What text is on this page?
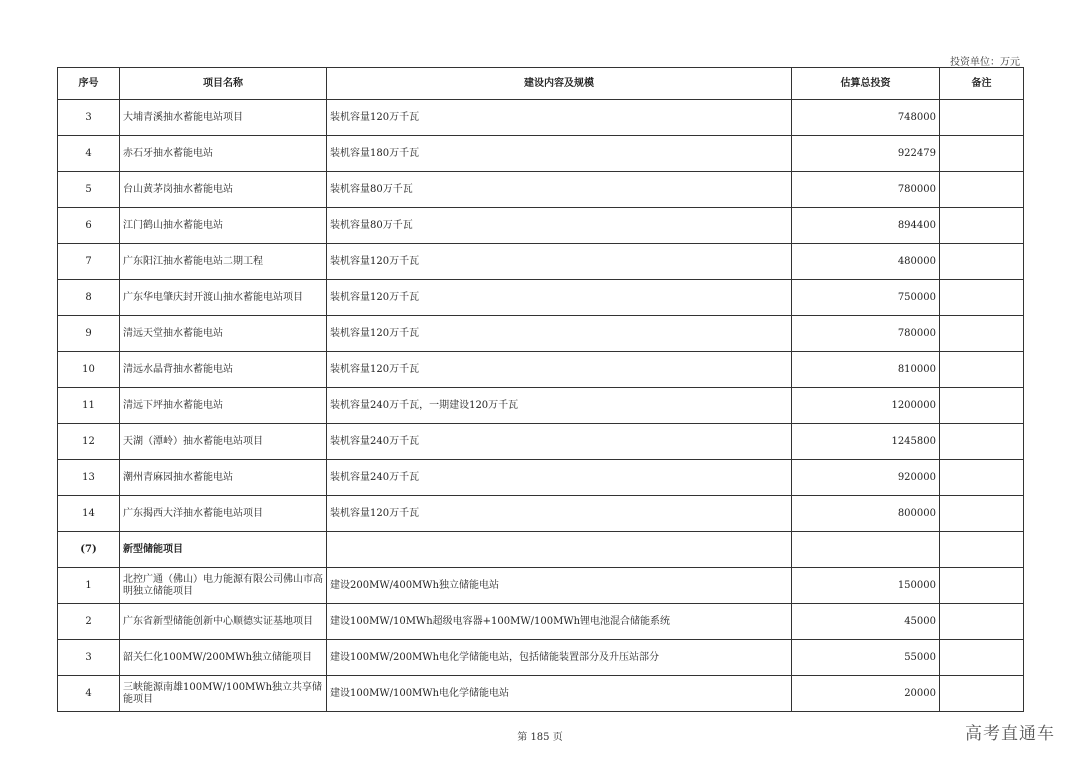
投资单位：万元
序号	项目名称	建设内容及规模	估算总投资	备注
3	大埔青溪抽水蓄能电站项目	装机容量120万千瓦	748000	
4	赤石牙抽水蓄能电站	装机容量180万千瓦	922479	
5	台山黄茅岗抽水蓄能电站	装机容量80万千瓦	780000	
6	江门鹤山抽水蓄能电站	装机容量80万千瓦	894400	
7	广东阳江抽水蓄能电站二期工程	装机容量120万千瓦	480000	
8	广东华电肇庆封开渡山抽水蓄能电站项目	装机容量120万千瓦	750000	
9	清远天堂抽水蓄能电站	装机容量120万千瓦	780000	
10	清远水晶背抽水蓄能电站	装机容量120万千瓦	810000	
11	清远下坪抽水蓄能电站	装机容量240万千瓦，一期建设120万千瓦	1200000	
12	天湖（潭岭）抽水蓄能电站项目	装机容量240万千瓦	1245800	
13	潮州青麻园抽水蓄能电站	装机容量240万千瓦	920000	
14	广东揭西大洋抽水蓄能电站项目	装机容量120万千瓦	800000	
(7)	新型储能项目			
1	北控广通（佛山）电力能源有限公司佛山市高明独立储能项目	建设200MW/400MWh独立储能电站	150000	
2	广东省新型储能创新中心顺德实证基地项目	建设100MW/10MWh超级电容器+100MW/100MWh锂电池混合储能系统	45000	
3	韶关仁化100MW/200MWh独立储能项目	建设100MW/200MWh电化学储能电站，包括储能装置部分及升压站部分	55000	
4	三峡能源南雄100MW/100MWh独立共享储能项目	建设100MW/100MWh电化学储能电站	20000	
第 185 页	高考直通车
